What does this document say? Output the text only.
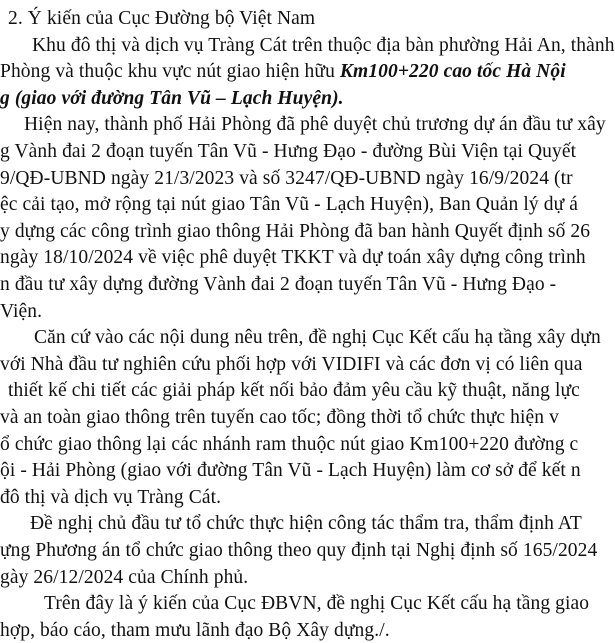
2. Ý kiến của Cục Đường bộ Việt Nam
Khu đô thị và dịch vụ Tràng Cát trên thuộc địa bàn phường Hải An, thành
Phòng và thuộc khu vực nút giao hiện hữu Km100+220 cao tốc Hà Nội
g (giao với đường Tân Vũ – Lạch Huyện).
Hiện nay, thành phố Hải Phòng đã phê duyệt chủ trương dự án đầu tư xây
g Vành đai 2 đoạn tuyến Tân Vũ - Hưng Đạo - đường Bùi Viện tại Quyết
9/QĐ-UBND ngày 21/3/2023 và số 3247/QĐ-UBND ngày 16/9/2024 (tr
ệc cải tạo, mở rộng tại nút giao Tân Vũ - Lạch Huyện), Ban Quản lý dự á
y dựng các công trình giao thông Hải Phòng đã ban hành Quyết định số 26
ngày 18/10/2024 về việc phê duyệt TKKT và dự toán xây dựng công trình
n đầu tư xây dựng đường Vành đai 2 đoạn tuyến Tân Vũ - Hưng Đạo -
Viện.
Căn cứ vào các nội dung nêu trên, đề nghị Cục Kết cấu hạ tầng xây dựn
với Nhà đầu tư nghiên cứu phối hợp với VIDIFI và các đơn vị có liên qua
thiết kế chi tiết các giải pháp kết nối bảo đảm yêu cầu kỹ thuật, năng lực
và an toàn giao thông trên tuyến cao tốc; đồng thời tổ chức thực hiện v
ổ chức giao thông lại các nhánh ram thuộc nút giao Km100+220 đường c
ội - Hải Phòng (giao với đường Tân Vũ - Lạch Huyện) làm cơ sở để kết n
đô thị và dịch vụ Tràng Cát.
Đề nghị chủ đầu tư tổ chức thực hiện công tác thẩm tra, thẩm định AT
ựng Phương án tổ chức giao thông theo quy định tại Nghị định số 165/2024
gày 26/12/2024 của Chính phủ.
Trên đây là ý kiến của Cục ĐBVN, đề nghị Cục Kết cấu hạ tầng giao
hợp, báo cáo, tham mưu lãnh đạo Bộ Xây dựng./.
